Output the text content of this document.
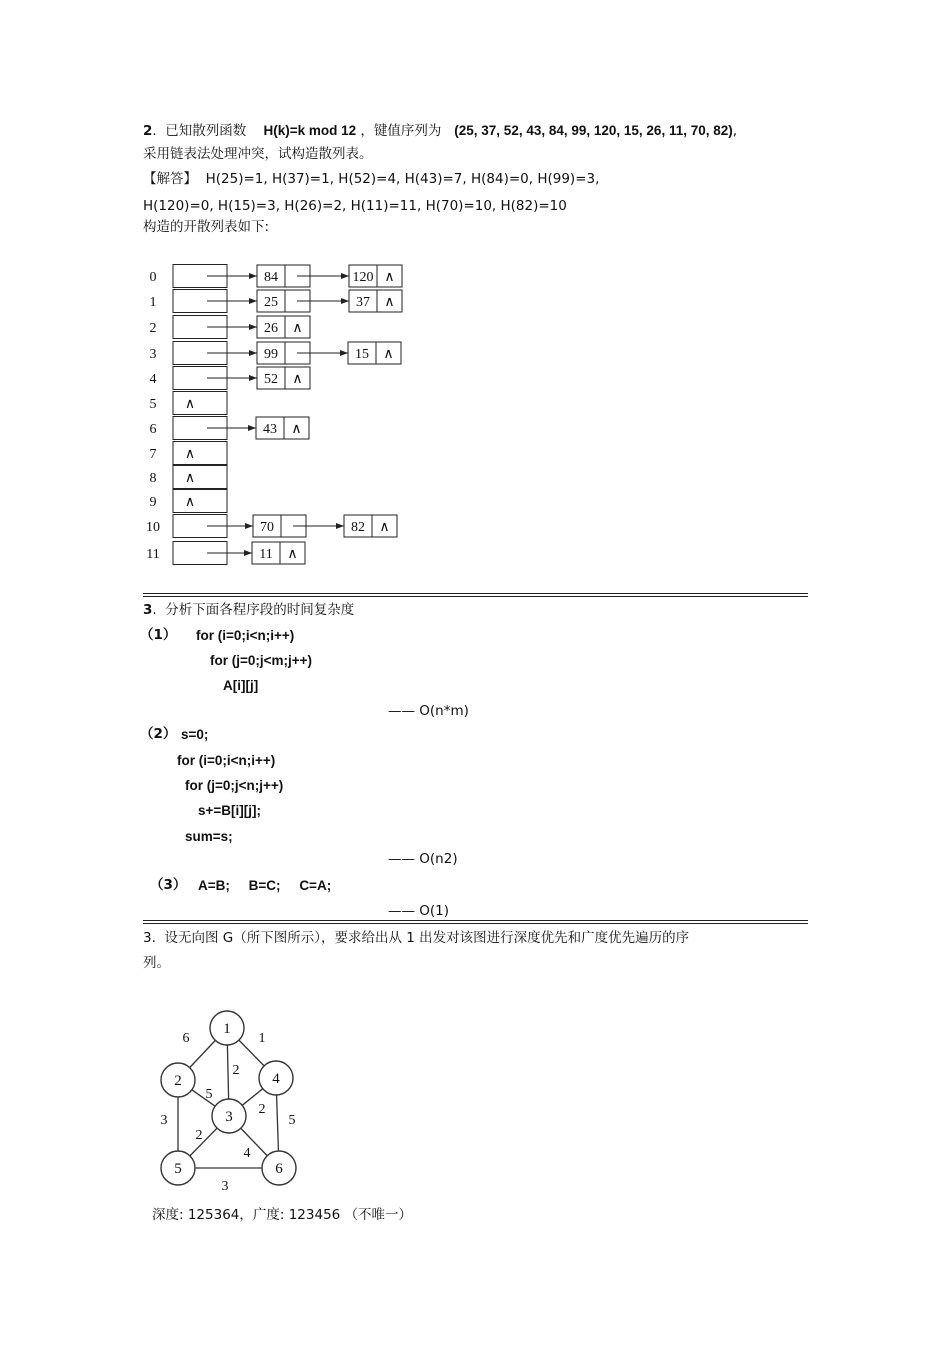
2.  已知散列函数 H(k)=k mod 12 ，键值序列为 (25, 37, 52, 43, 84, 99, 120, 15, 26, 11, 70, 82),
采用链表法处理冲突，试构造散列表。
【解答】 H(25)=1, H(37)=1, H(52)=4, H(43)=7, H(84)=0, H(99)=3,
H(120)=0, H(15)=3, H(26)=2, H(11)=11, H(70)=10, H(82)=10
构造的开散列表如下:
0	84	120 ∧
1	25	37 ∧
2	26 ∧
3	99	15 ∧
4	52 ∧
5 ∧
6	43 ∧
7 ∧
8 ∧
9 ∧
10	70	82 ∧
11	11 ∧
3.  分析下面各程序段的时间复杂度
（1） for (i=0;i<n;i++)
for (j=0;j<m;j++)
A[i][j]
—— O(n*m)
（2） s=0;
for (i=0;i<n;i++)
for (j=0;j<n;j++)
s+=B[i][j];
sum=s;
—— O(n2)
（3） A=B; B=C; C=A;
—— O(1)
3. 设无向图 G（所下图所示），要求给出从 1 出发对该图进行深度优先和广度优先遍历的序
列。
6
2
1
5
3
2
5
2
4
3
1
2
3
4
5	6
深度: 125364，广度: 123456 （不唯一）
